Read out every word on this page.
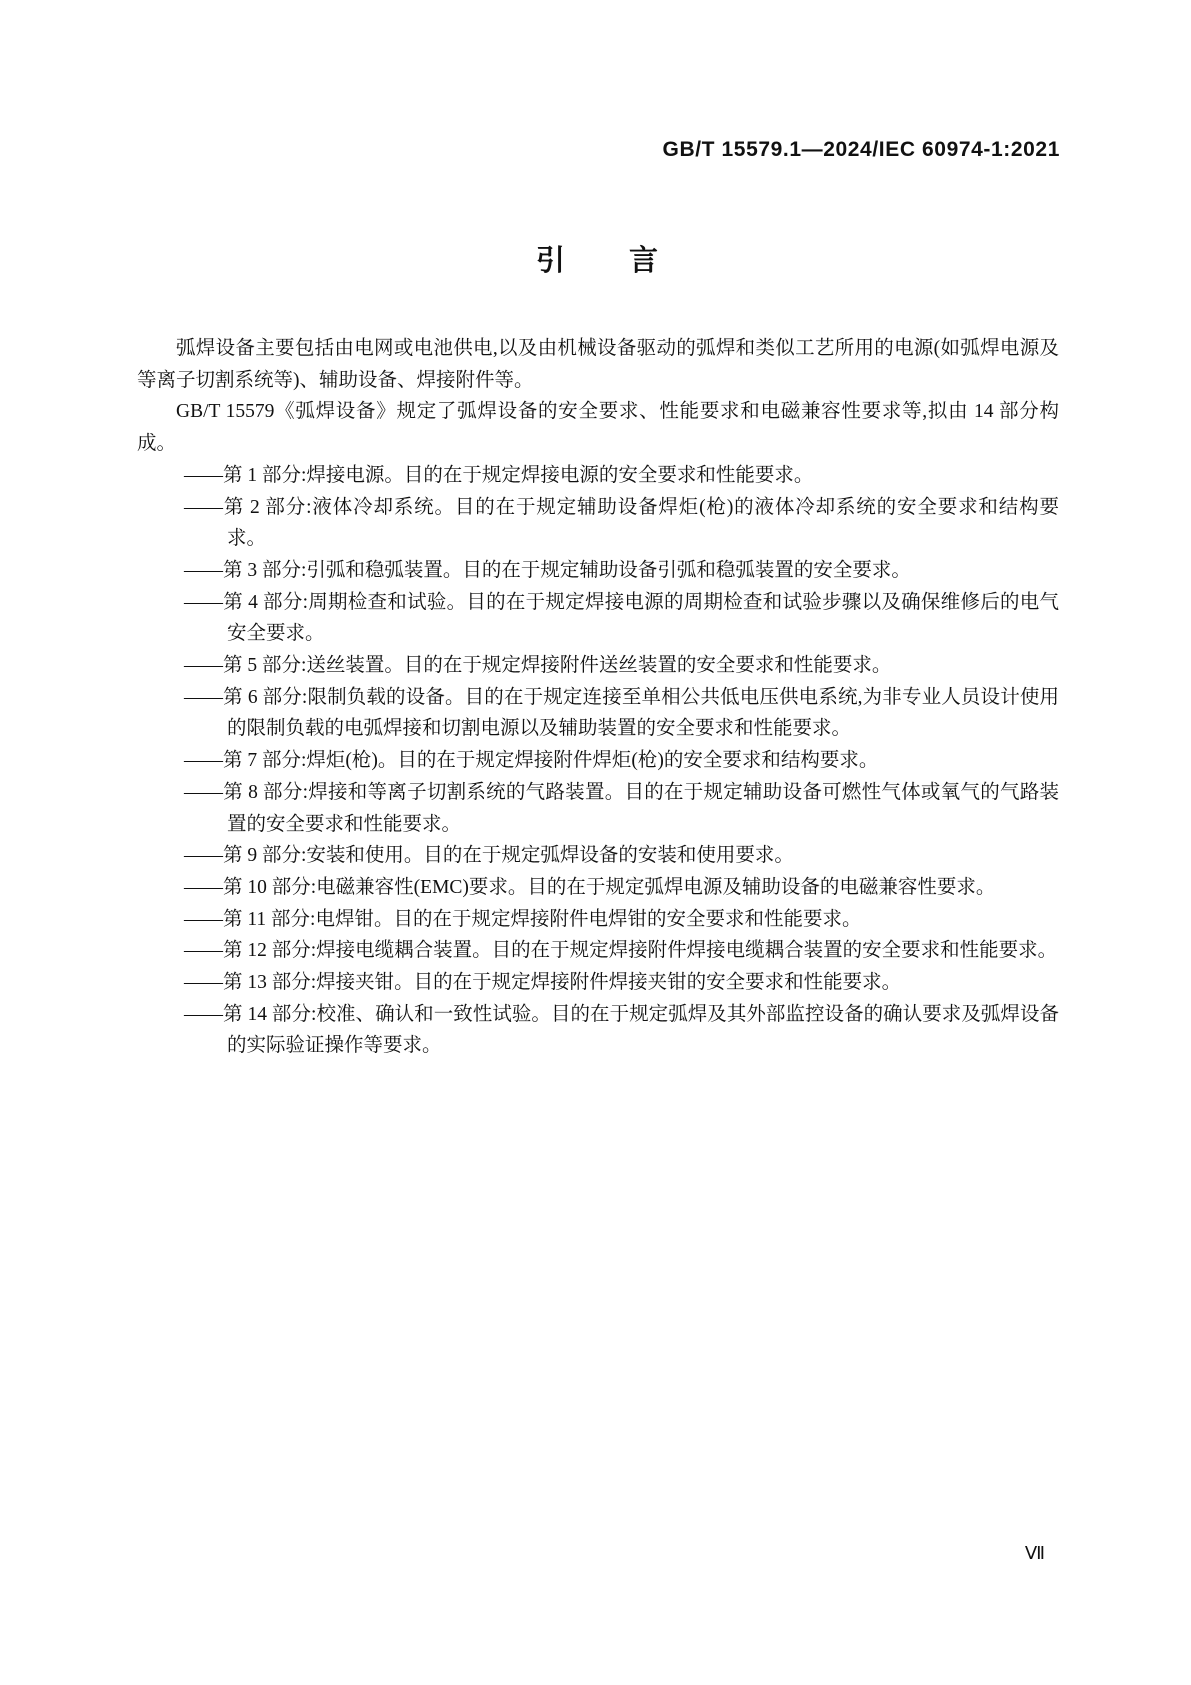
GB/T 15579.1—2024/IEC 60974-1:2021
引　　言

弧焊设备主要包括由电网或电池供电,以及由机械设备驱动的弧焊和类似工艺所用的电源(如弧焊电源及等离子切割系统等)、辅助设备、焊接附件等。

GB/T 15579《弧焊设备》规定了弧焊设备的安全要求、性能要求和电磁兼容性要求等,拟由 14 部分构成。

——第 1 部分:焊接电源。目的在于规定焊接电源的安全要求和性能要求。
——第 2 部分:液体冷却系统。目的在于规定辅助设备焊炬(枪)的液体冷却系统的安全要求和结构要求。
——第 3 部分:引弧和稳弧装置。目的在于规定辅助设备引弧和稳弧装置的安全要求。
——第 4 部分:周期检查和试验。目的在于规定焊接电源的周期检查和试验步骤以及确保维修后的电气安全要求。
——第 5 部分:送丝装置。目的在于规定焊接附件送丝装置的安全要求和性能要求。
——第 6 部分:限制负载的设备。目的在于规定连接至单相公共低电压供电系统,为非专业人员设计使用的限制负载的电弧焊接和切割电源以及辅助装置的安全要求和性能要求。
——第 7 部分:焊炬(枪)。目的在于规定焊接附件焊炬(枪)的安全要求和结构要求。
——第 8 部分:焊接和等离子切割系统的气路装置。目的在于规定辅助设备可燃性气体或氧气的气路装置的安全要求和性能要求。
——第 9 部分:安装和使用。目的在于规定弧焊设备的安装和使用要求。
——第 10 部分:电磁兼容性(EMC)要求。目的在于规定弧焊电源及辅助设备的电磁兼容性要求。
——第 11 部分:电焊钳。目的在于规定焊接附件电焊钳的安全要求和性能要求。
——第 12 部分:焊接电缆耦合装置。目的在于规定焊接附件焊接电缆耦合装置的安全要求和性能要求。
——第 13 部分:焊接夹钳。目的在于规定焊接附件焊接夹钳的安全要求和性能要求。
——第 14 部分:校准、确认和一致性试验。目的在于规定弧焊及其外部监控设备的确认要求及弧焊设备的实际验证操作等要求。
Ⅶ
